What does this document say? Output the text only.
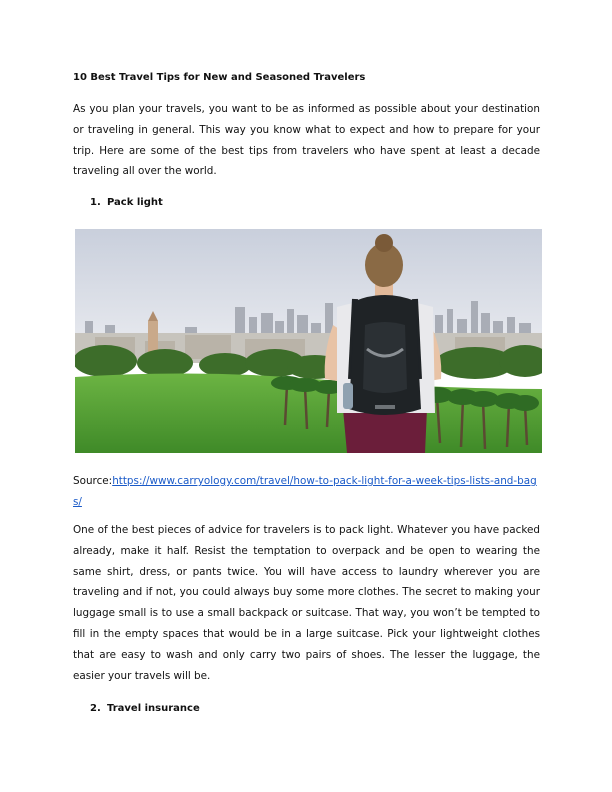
10 Best Travel Tips for New and Seasoned Travelers

As you plan your travels, you want to be as informed as possible about your destination or traveling in general. This way you know what to expect and how to prepare for your trip. Here are some of the best tips from travelers who have spent at least a decade traveling all over the world.

1. Pack light
Source:https://www.carryology.com/travel/how-to-pack-light-for-a-week-tips-lists-and-bags/

One of the best pieces of advice for travelers is to pack light. Whatever you have packed already, make it half. Resist the temptation to overpack and be open to wearing the same shirt, dress, or pants twice. You will have access to laundry wherever you are traveling and if not, you could always buy some more clothes. The secret to making your luggage small is to use a small backpack or suitcase. That way, you won’t be tempted to fill in the empty spaces that would be in a large suitcase. Pick your lightweight clothes that are easy to wash and only carry two pairs of shoes. The lesser the luggage, the easier your travels will be.

2. Travel insurance
